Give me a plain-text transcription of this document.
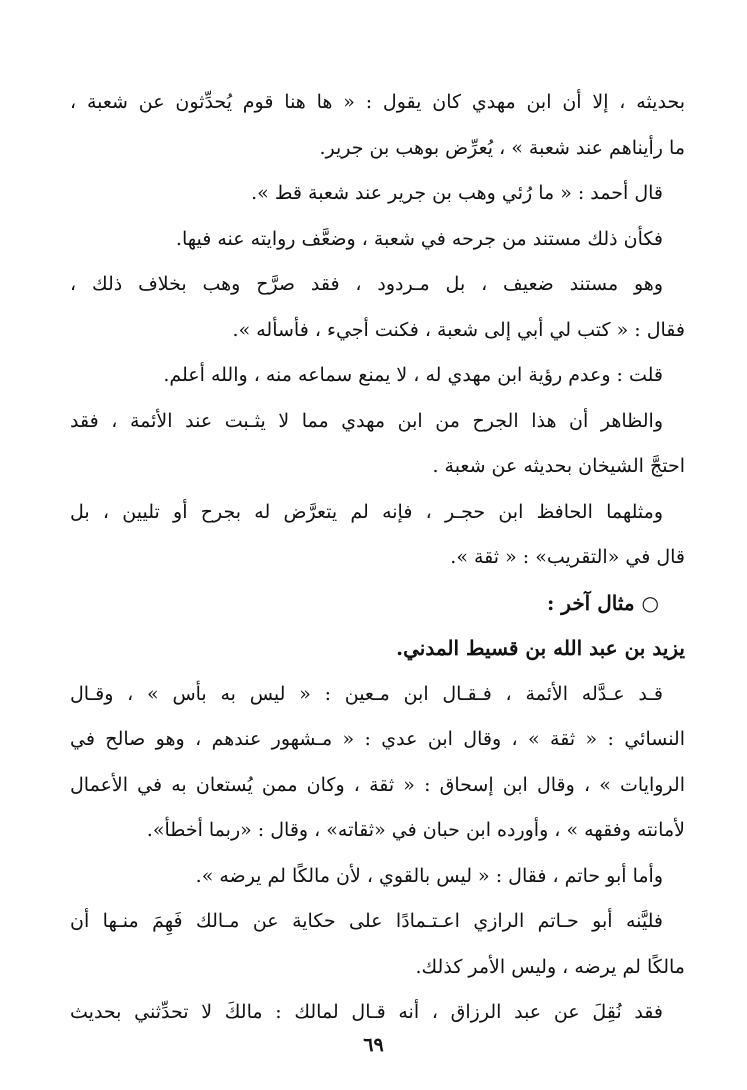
بحديثه ، إلا أن ابن مهدي كان يقول : « ها هنا قوم يُحدِّثون عن شعبة ،
ما رأيناهم عند شعبة » ، يُعرِّض بوهب بن جرير.
قال أحمد : « ما رُئي وهب بن جرير عند شعبة قط ».
فكأن ذلك مستند من جرحه في شعبة ، وضعَّف روايته عنه فيها.
وهو مستند ضعيف ، بل مـردود ، فقد صرَّح وهب بخلاف ذلك ،
فقال : « كتب لي أبي إلى شعبة ، فكنت أجيء ، فأسأله ».
قلت : وعدم رؤية ابن مهدي له ، لا يمنع سماعه منه ، والله أعلم.
والظاهر أن هذا الجرح من ابن مهدي مما لا يثـبت عند الأئمة ، فقد
احتجَّ الشيخان بحديثه عن شعبة .
ومثلهما الحافظ ابن حجـر ، فإنه لم يتعرَّض له بجرح أو تليين ، بل
قال في «التقريب» : « ثقة ».
○ مثال آخر :
يزيد بن عبد الله بن قسيط المدني.
قـد عـدَّله الأئمة ، فـقـال ابن مـعين : « ليس به بأس » ، وقـال
النسائي : « ثقة » ، وقال ابن عدي : « مـشهور عندهم ، وهو صالح في
الروايات » ، وقال ابن إسحاق : « ثقة ، وكان ممن يُستعان به في الأعمال
لأمانته وفقهه » ، وأورده ابن حبان في «ثقاته» ، وقال : «ربما أخطأ».
وأما أبو حاتم ، فقال : « ليس بالقوي ، لأن مالكًا لم يرضه ».
فليَّنه أبو حـاتم الرازي اعـتـمادًا على حكاية عن مـالك فَهِمَ منـها أن
مالكًا لم يرضه ، وليس الأمر كذلك.
فقد نُقِلَ عن عبد الرزاق ، أنه قـال لمالك : مالكَ لا تحدِّثني بحديث
٦٩
